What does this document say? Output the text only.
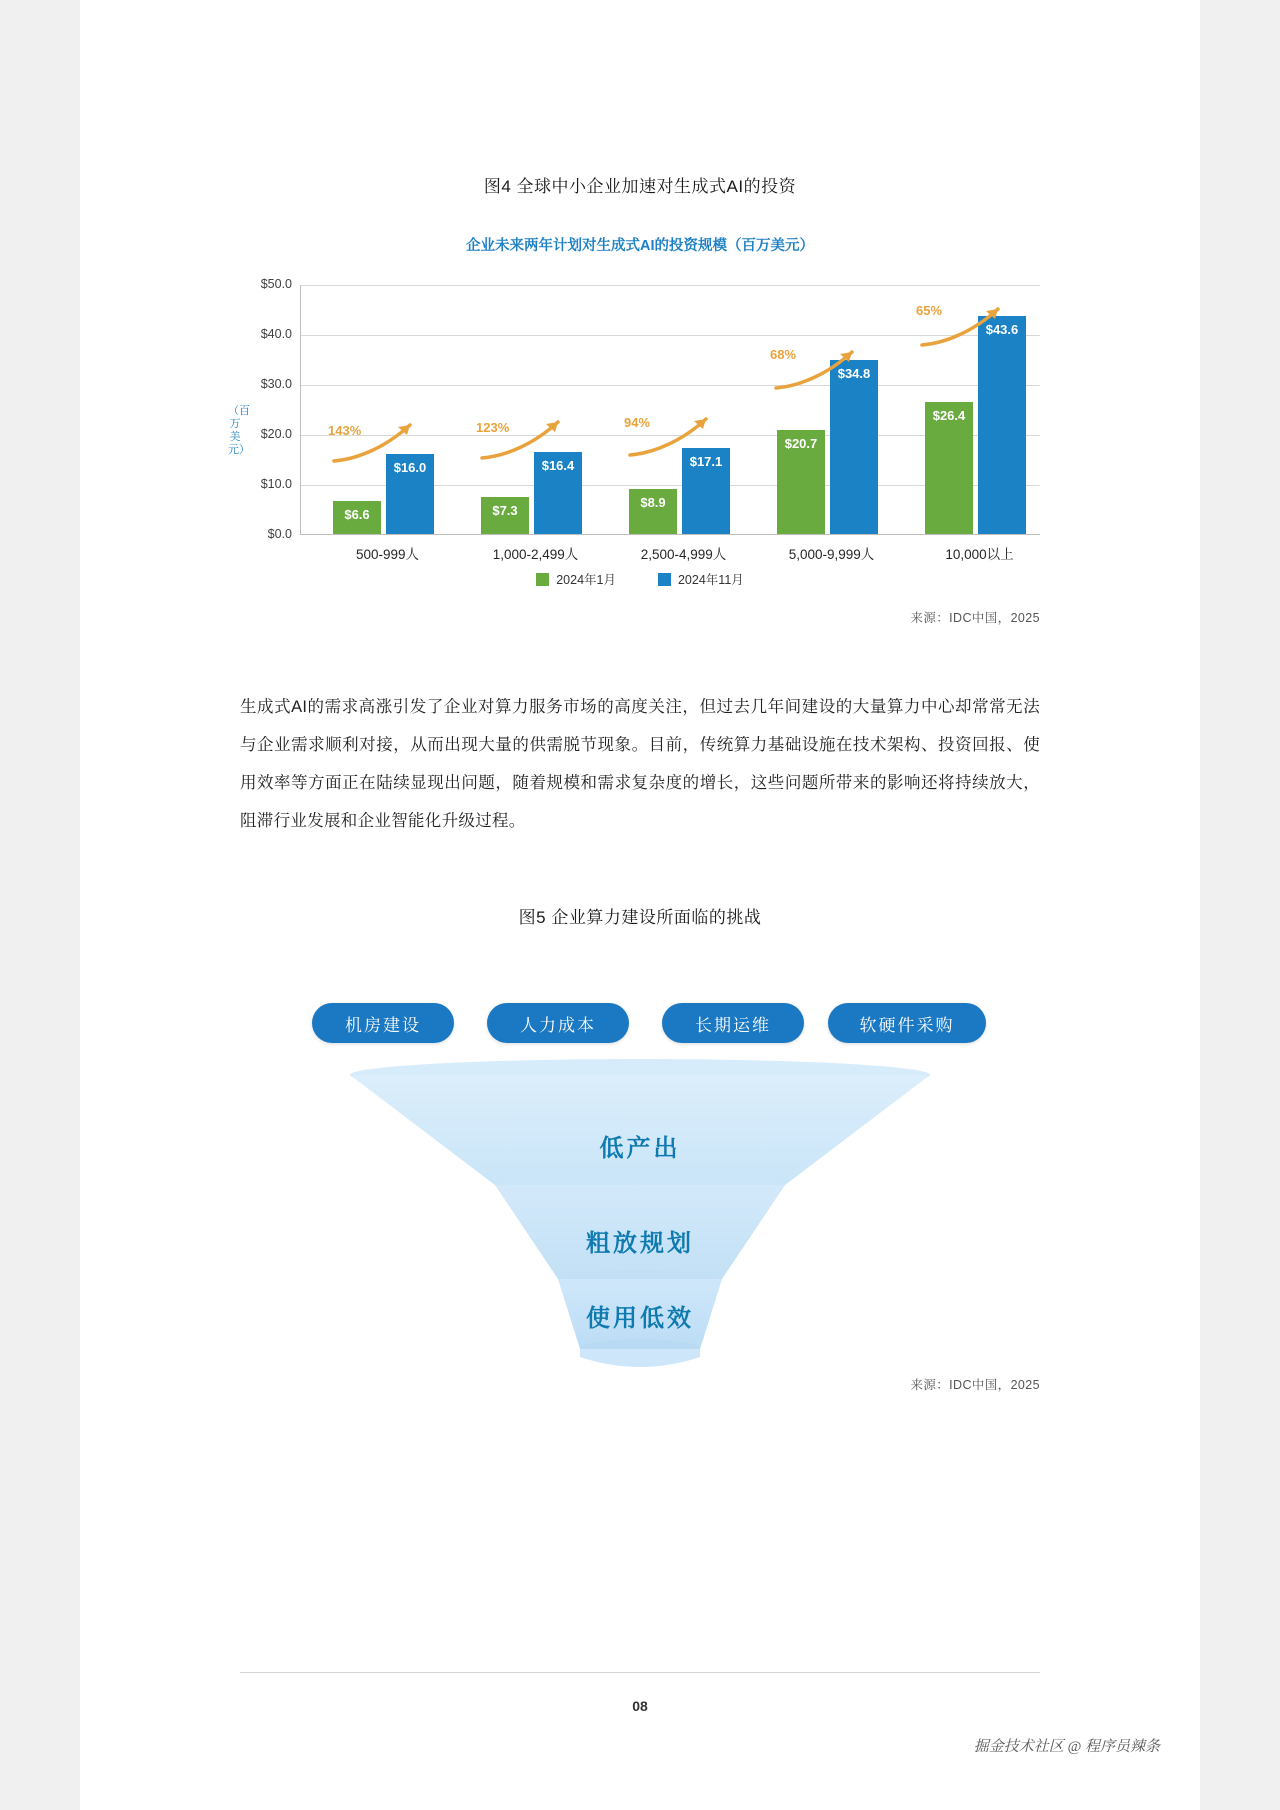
图4 全球中小企业加速对生成式AI的投资
企业未来两年计划对生成式AI的投资规模（百万美元）
（百万美元）
$50.0
$40.0
$30.0
$20.0
$10.0
$0.0
$6.6
$16.0
143%
500-999人
$7.3
$16.4
123%
1,000-2,499人
$8.9
$17.1
94%
2,500-4,999人
$20.7
$34.8
68%
5,000-9,999人
$26.4
$43.6
65%
10,000以上
2024年1月	2024年11月
来源：IDC中国，2025
生成式AI的需求高涨引发了企业对算力服务市场的高度关注，但过去几年间建设的大量算力中心却常常无法与企业需求顺利对接，从而出现大量的供需脱节现象。目前，传统算力基础设施在技术架构、投资回报、使用效率等方面正在陆续显现出问题，随着规模和需求复杂度的增长，这些问题所带来的影响还将持续放大，阻滞行业发展和企业智能化升级过程。
图5 企业算力建设所面临的挑战
机房建设	人力成本	长期运维	软硬件采购
低产出
粗放规划
使用低效
来源：IDC中国，2025
08
掘金技术社区 @ 程序员辣条
